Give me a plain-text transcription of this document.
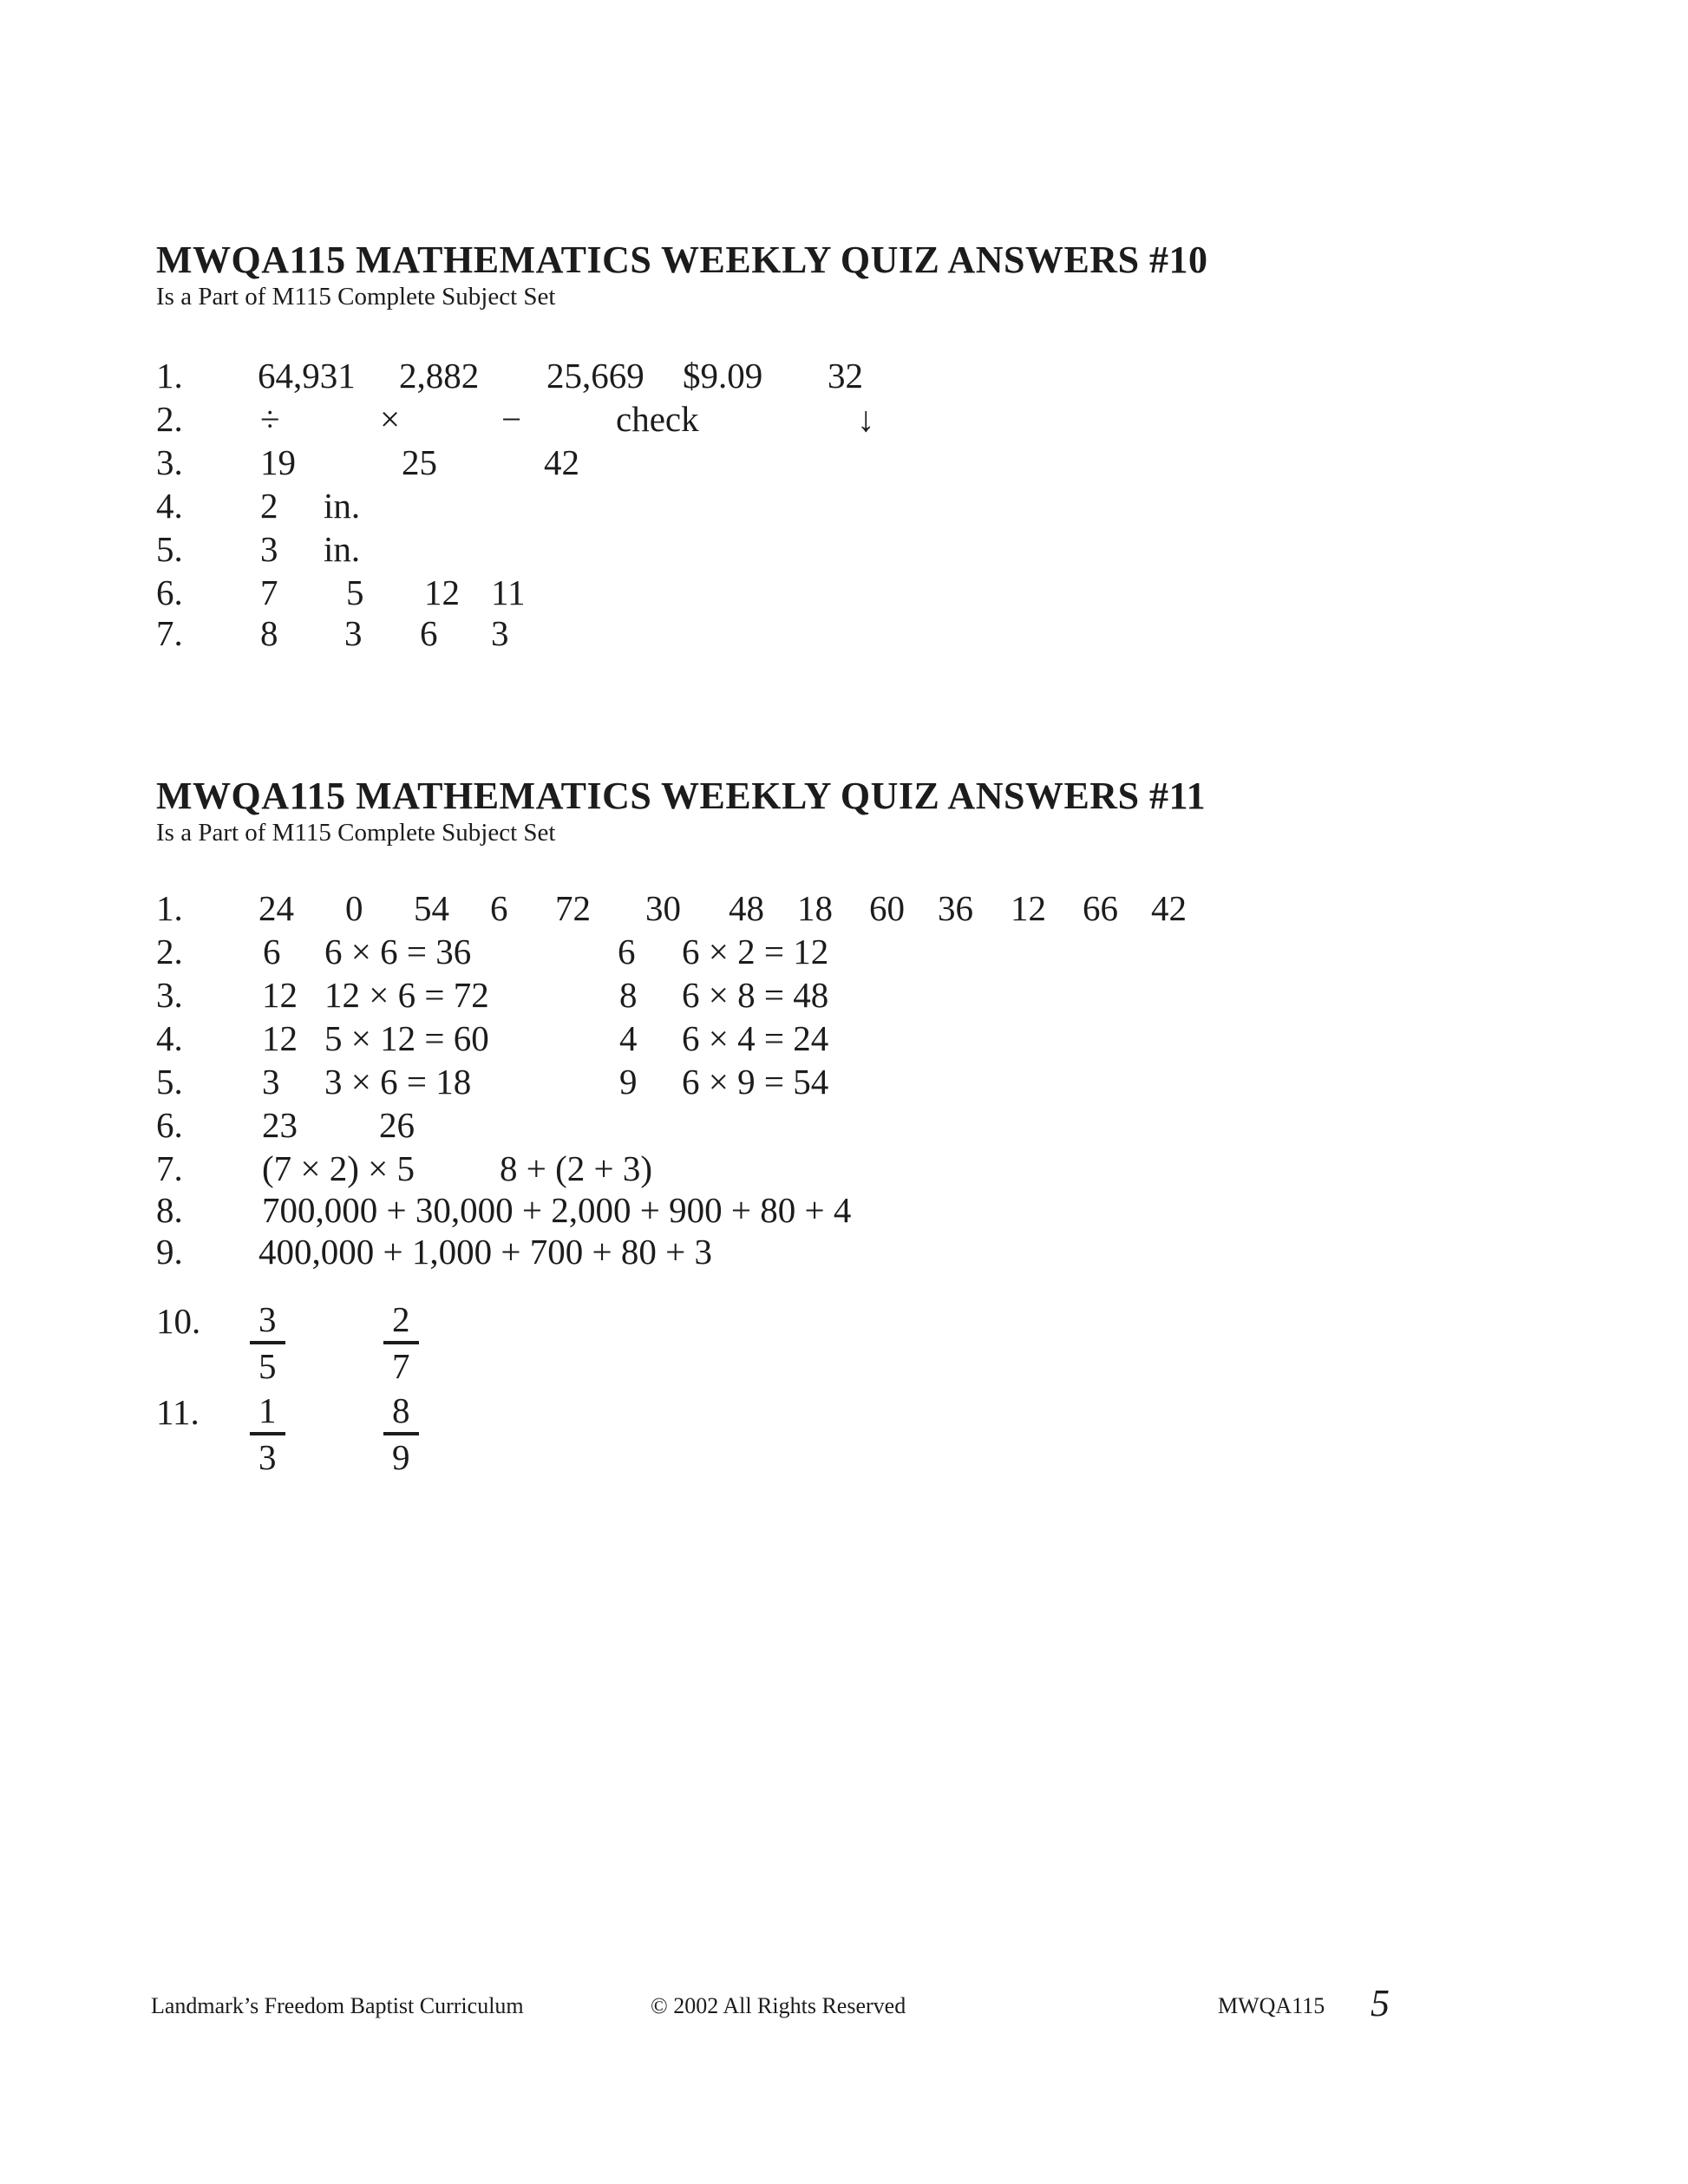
MWQA115 MATHEMATICS WEEKLY QUIZ ANSWERS #10
Is a Part of M115 Complete Subject Set
1. 64,931 2,882 25,669 $9.09 32
2. ÷	×	−	check	↓
3. 19	25	42
4. 2 in.
5. 3 in.
6. 7 5 12 11
7. 8 3 6 3
MWQA115 MATHEMATICS WEEKLY QUIZ ANSWERS #11
Is a Part of M115 Complete Subject Set
1. 24 0 54 6 72 30 48 18 60 36 12 66 42
2. 6 6 × 6 = 36	6 6 × 2 = 12
3. 12 12 × 6 = 72	8 6 × 8 = 48
4. 12 5 × 12 = 60	4 6 × 4 = 24
5. 3 3 × 6 = 18	9 6 × 9 = 54
6. 23 26
7. (7 × 2) × 5 8 + (2 + 3)
8. 700,000 + 30,000 + 2,000 + 900 + 80 + 4
9. 400,000 + 1,000 + 700 + 80 + 3
10. $\frac{3}{5}$	$\frac{2}{7}$
11. $\frac{1}{3}$	$\frac{8}{9}$
Landmark’s Freedom Baptist Curriculum	© 2002 All Rights Reserved	MWQA115 5
